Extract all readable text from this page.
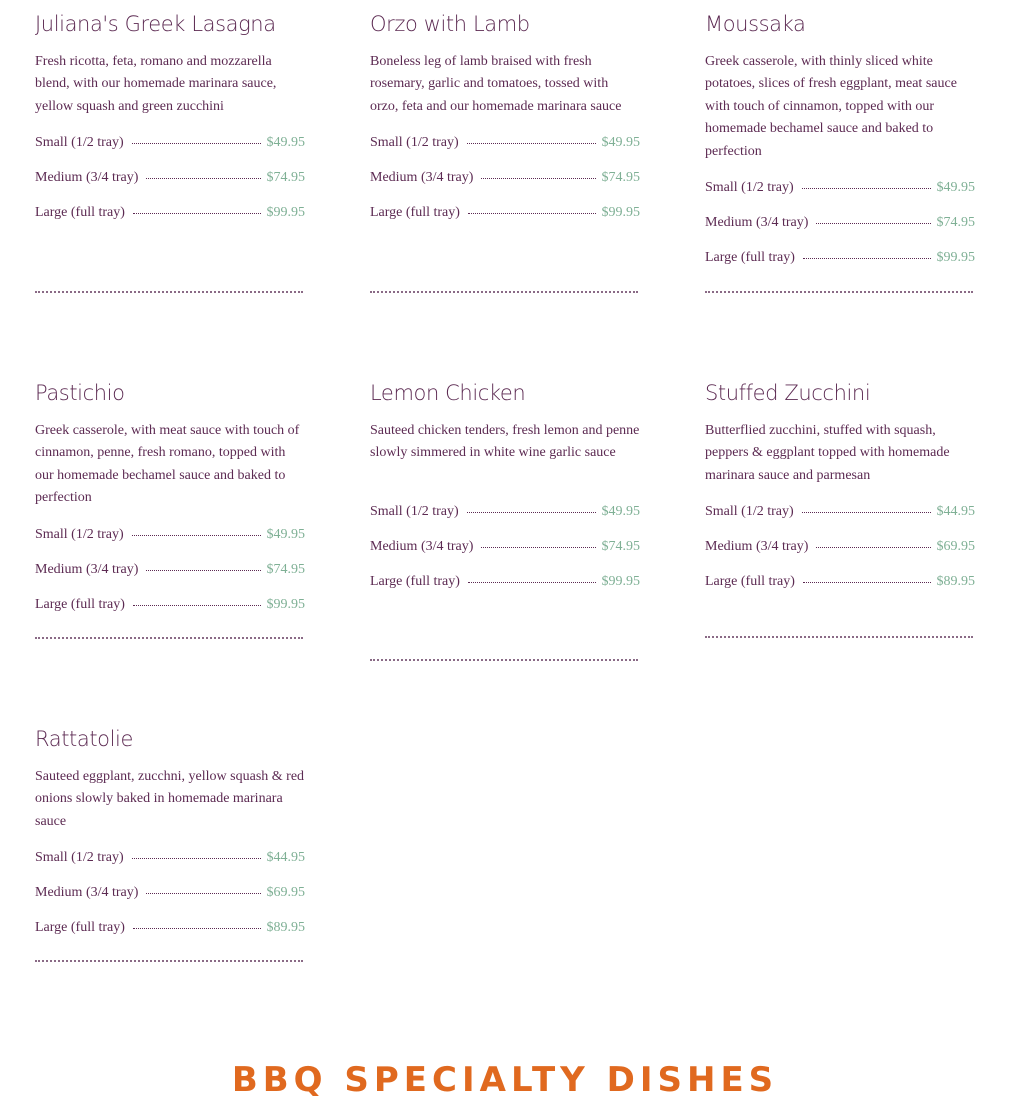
Juliana's Greek Lasagna
Fresh ricotta, feta, romano and mozzarella blend, with our homemade marinara sauce, yellow squash and green zucchini
Small (1/2 tray)	$49.95
Medium (3/4 tray)	$74.95
Large (full tray)	$99.95
Orzo with Lamb
Boneless leg of lamb braised with fresh rosemary, garlic and tomatoes, tossed with orzo, feta and our homemade marinara sauce
Small (1/2 tray)	$49.95
Medium (3/4 tray)	$74.95
Large (full tray)	$99.95
Moussaka
Greek casserole, with thinly sliced white potatoes, slices of fresh eggplant, meat sauce with touch of cinnamon, topped with our homemade bechamel sauce and baked to perfection
Small (1/2 tray)	$49.95
Medium (3/4 tray)	$74.95
Large (full tray)	$99.95
Pastichio
Greek casserole, with meat sauce with touch of cinnamon, penne, fresh romano, topped with our homemade bechamel sauce and baked to perfection
Small (1/2 tray)	$49.95
Medium (3/4 tray)	$74.95
Large (full tray)	$99.95
Lemon Chicken
Sauteed chicken tenders, fresh lemon and penne slowly simmered in white wine garlic sauce
Small (1/2 tray)	$49.95
Medium (3/4 tray)	$74.95
Large (full tray)	$99.95
Stuffed Zucchini
Butterflied zucchini, stuffed with squash, peppers & eggplant topped with homemade marinara sauce and parmesan
Small (1/2 tray)	$44.95
Medium (3/4 tray)	$69.95
Large (full tray)	$89.95
Rattatolie
Sauteed eggplant, zucchni, yellow squash & red onions slowly baked in homemade marinara sauce
Small (1/2 tray)	$44.95
Medium (3/4 tray)	$69.95
Large (full tray)	$89.95
BBQ SPECIALTY DISHES
